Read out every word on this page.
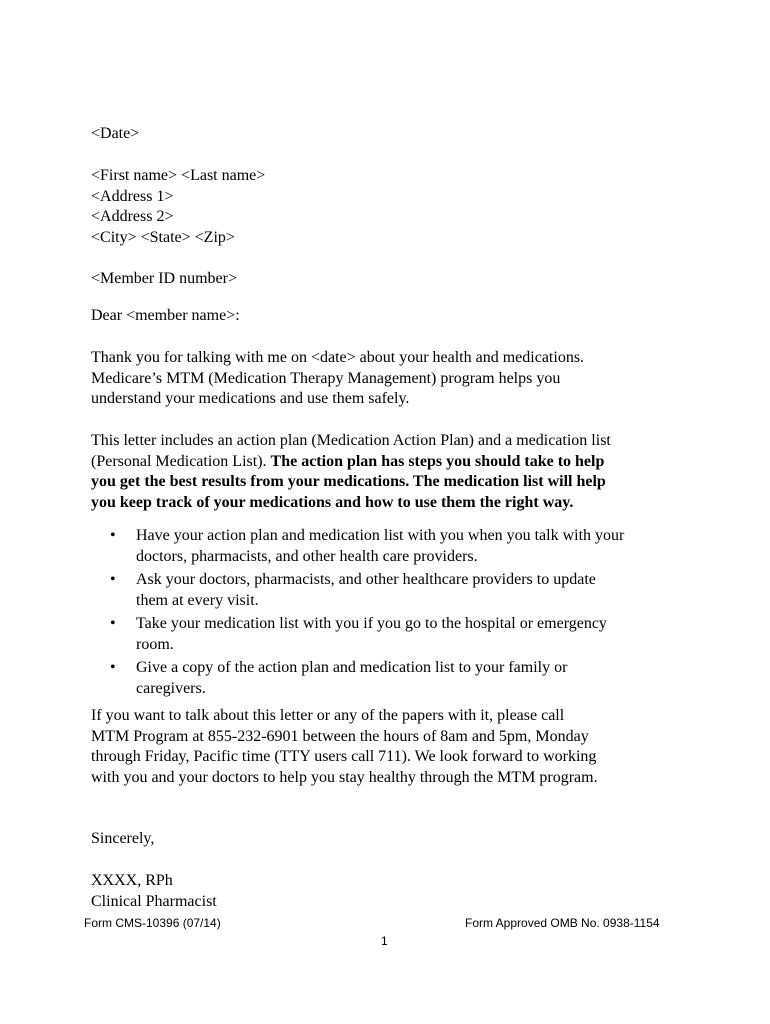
<Date>
<First name> <Last name>
<Address 1>
<Address 2>
<City> <State> <Zip>
<Member ID number>
Dear <member name>:
Thank you for talking with me on <date> about your health and medications.
Medicare’s MTM (Medication Therapy Management) program helps you
understand your medications and use them safely.
This letter includes an action plan (Medication Action Plan) and a medication list
(Personal Medication List). The action plan has steps you should take to help
you get the best results from your medications. The medication list will help
you keep track of your medications and how to use them the right way.
• Have your action plan and medication list with you when you talk with your
doctors, pharmacists, and other health care providers.
• Ask your doctors, pharmacists, and other healthcare providers to update
them at every visit.
• Take your medication list with you if you go to the hospital or emergency
room.
• Give a copy of the action plan and medication list to your family or
caregivers.
If you want to talk about this letter or any of the papers with it, please call
MTM Program at 855-232-6901 between the hours of 8am and 5pm, Monday
through Friday, Pacific time (TTY users call 711). We look forward to working
with you and your doctors to help you stay healthy through the MTM program.
Sincerely,
XXXX, RPh
Clinical Pharmacist
Form CMS-10396 (07/14)	Form Approved OMB No. 0938-1154
1
